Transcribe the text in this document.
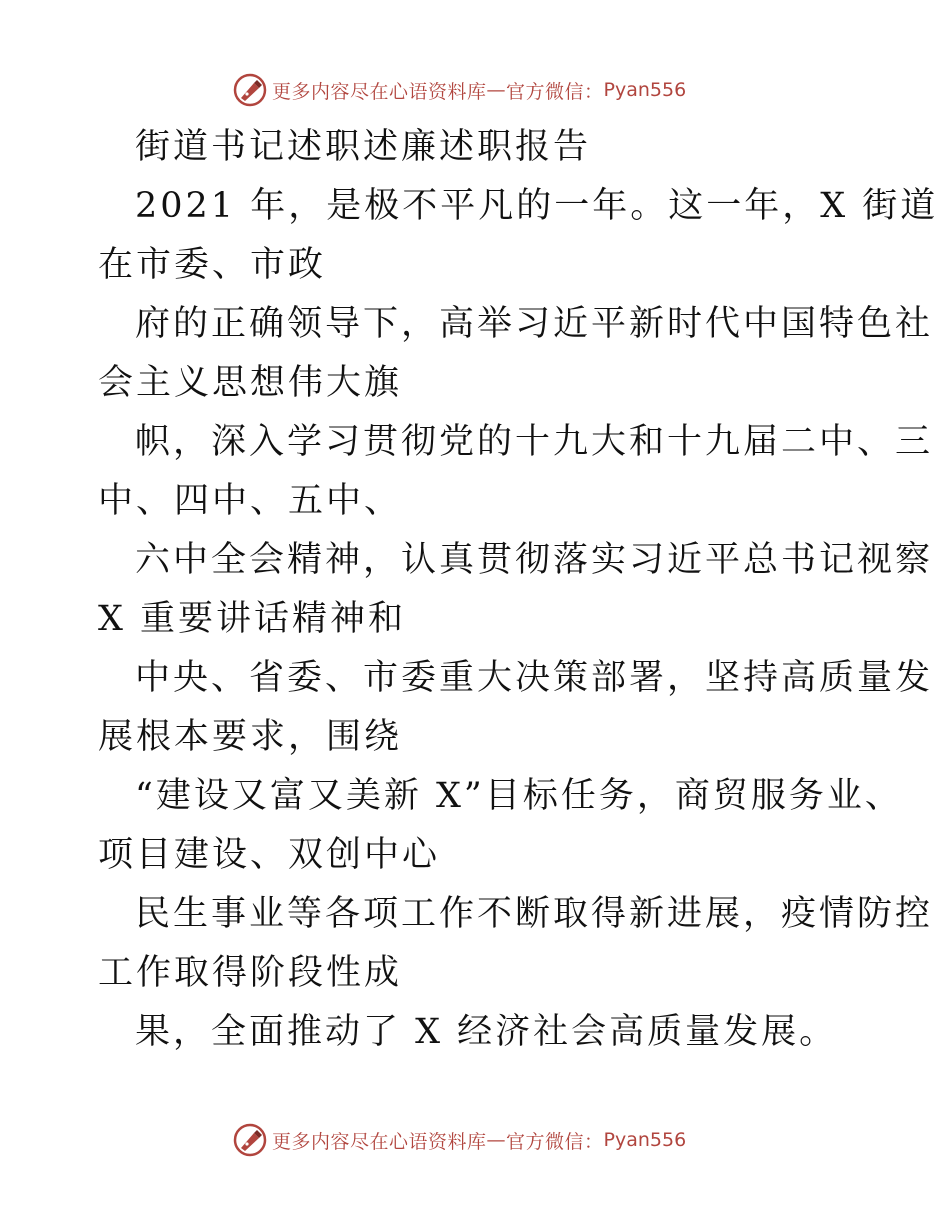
更多内容尽在心语资料库 — 官方微信： Pyan556
街道书记述职述廉述职报告
2021 年，是极不平凡的一年。这一年，X 街道
在市委、市政
府的正确领导下，高举习近平新时代中国特色社
会主义思想伟大旗
帜，深入学习贯彻党的十九大和十九届二中、三
中、四中、五中、
六中全会精神，认真贯彻落实习近平总书记视察
X 重要讲话精神和
中央、省委、市委重大决策部署，坚持高质量发
展根本要求，围绕
“建设又富又美新 X”目标任务，商贸服务业、
项目建设、双创中心
民生事业等各项工作不断取得新进展，疫情防控
工作取得阶段性成
果，全面推动了 X 经济社会高质量发展。
更多内容尽在心语资料库 — 官方微信： Pyan556
